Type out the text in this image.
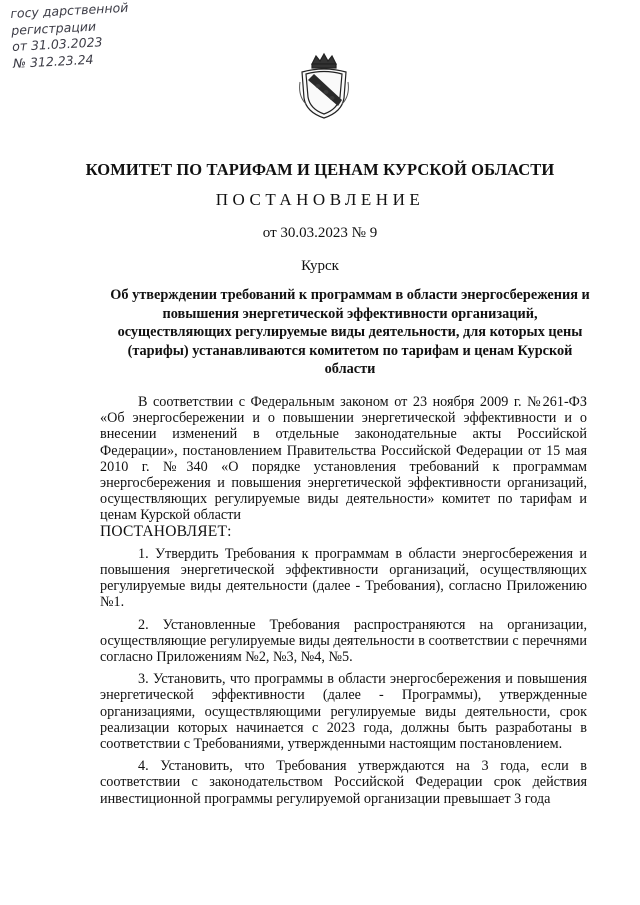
госу дарственной
регистрации
от 31.03.2023
№ 312.23.24
КОМИТЕТ ПО ТАРИФАМ И ЦЕНАМ КУРСКОЙ ОБЛАСТИ
ПОСТАНОВЛЕНИЕ
от 30.03.2023 № 9
Курск
Об утверждении требований к программам в области энергосбережения и повышения энергетической эффективности организаций, осуществляющих регулируемые виды деятельности, для которых цены (тарифы) устанавливаются комитетом по тарифам и ценам Курской области

В соответствии с Федеральным законом от 23 ноября 2009 г. №261-ФЗ «Об энергосбережении и о повышении энергетической эффективности и о внесении изменений в отдельные законодательные акты Российской Федерации», постановлением Правительства Российской Федерации от 15 мая 2010 г. №340 «О порядке установления требований к программам энергосбережения и повышения энергетической эффективности организаций, осуществляющих регулируемые виды деятельности» комитет по тарифам и ценам Курской области

ПОСТАНОВЛЯЕТ:

1. Утвердить Требования к программам в области энергосбережения и повышения энергетической эффективности организаций, осуществляющих регулируемые виды деятельности (далее - Требования), согласно Приложению №1.

2. Установленные Требования распространяются на организации, осуществляющие регулируемые виды деятельности в соответствии с перечнями согласно Приложениям №2, №3, №4, №5.

3. Установить, что программы в области энергосбережения и повышения энергетической эффективности (далее - Программы), утвержденные организациями, осуществляющими регулируемые виды деятельности, срок реализации которых начинается с 2023 года, должны быть разработаны в соответствии с Требованиями, утвержденными настоящим постановлением.

4. Установить, что Требования утверждаются на 3 года, если в соответствии с законодательством Российской Федерации срок действия инвестиционной программы регулируемой организации превышает 3 года
